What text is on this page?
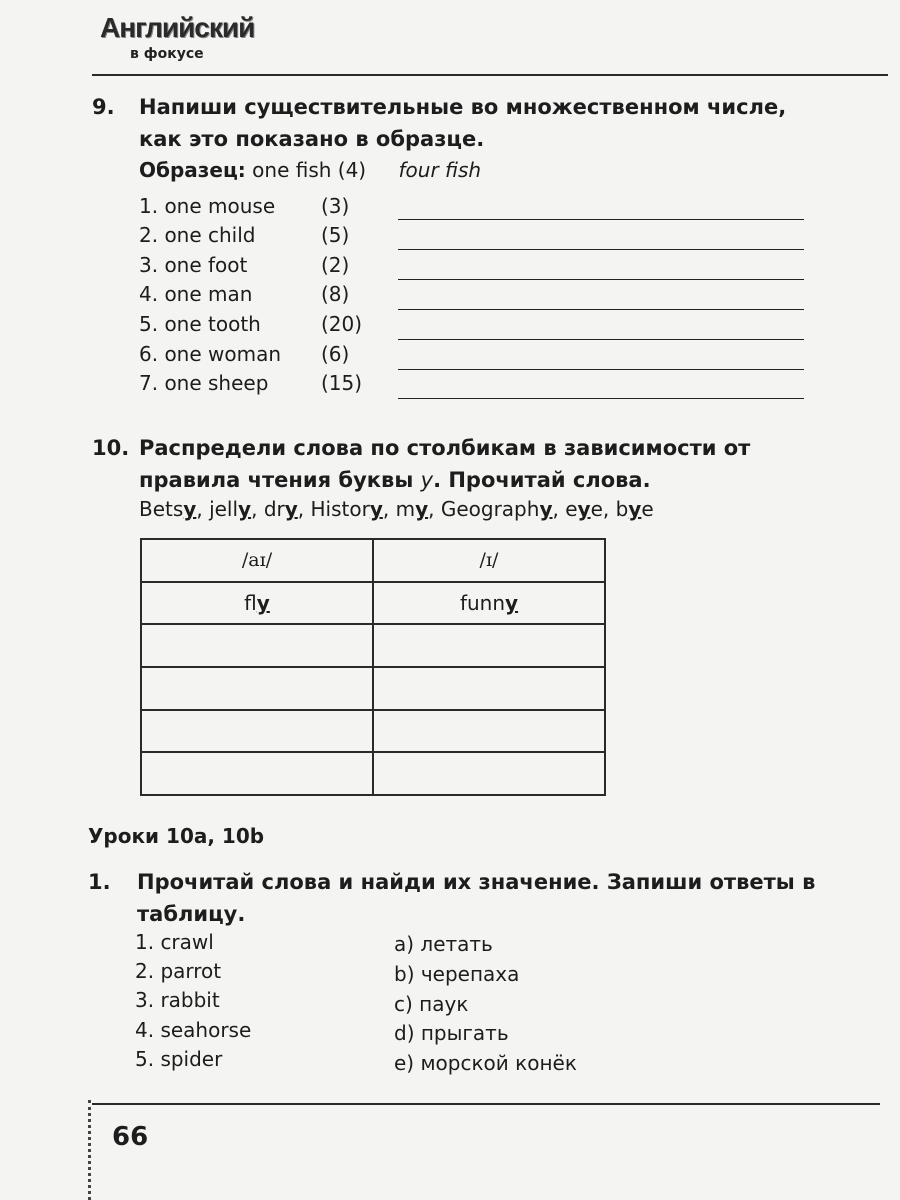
Английский
в фокусе
9. Напиши существительные во множественном числе,
как это показано в образце.
Образец: one fish (4) four fish
1. one mouse (3)
2. one child	(5)
3. one foot	(2)
4. one man	(8)
5. one tooth	(20)
6. one woman (6)
7. one sheep	(15)
10. Распредели слова по столбикам в зависимости от
правила чтения буквы y. Прочитай слова.
Betsy, jelly, dry, History, my, Geography, eye, bye
/aɪ/	/ɪ/
fly	funny

Уроки 10a, 10b
1. Прочитай слова и найди их значение. Запиши ответы в
таблицу.
1. crawl
2. parrot
3. rabbit
4. seahorse
5. spider
a) летать
b) черепаха
c) паук
d) прыгать
e) морской конёк
66
